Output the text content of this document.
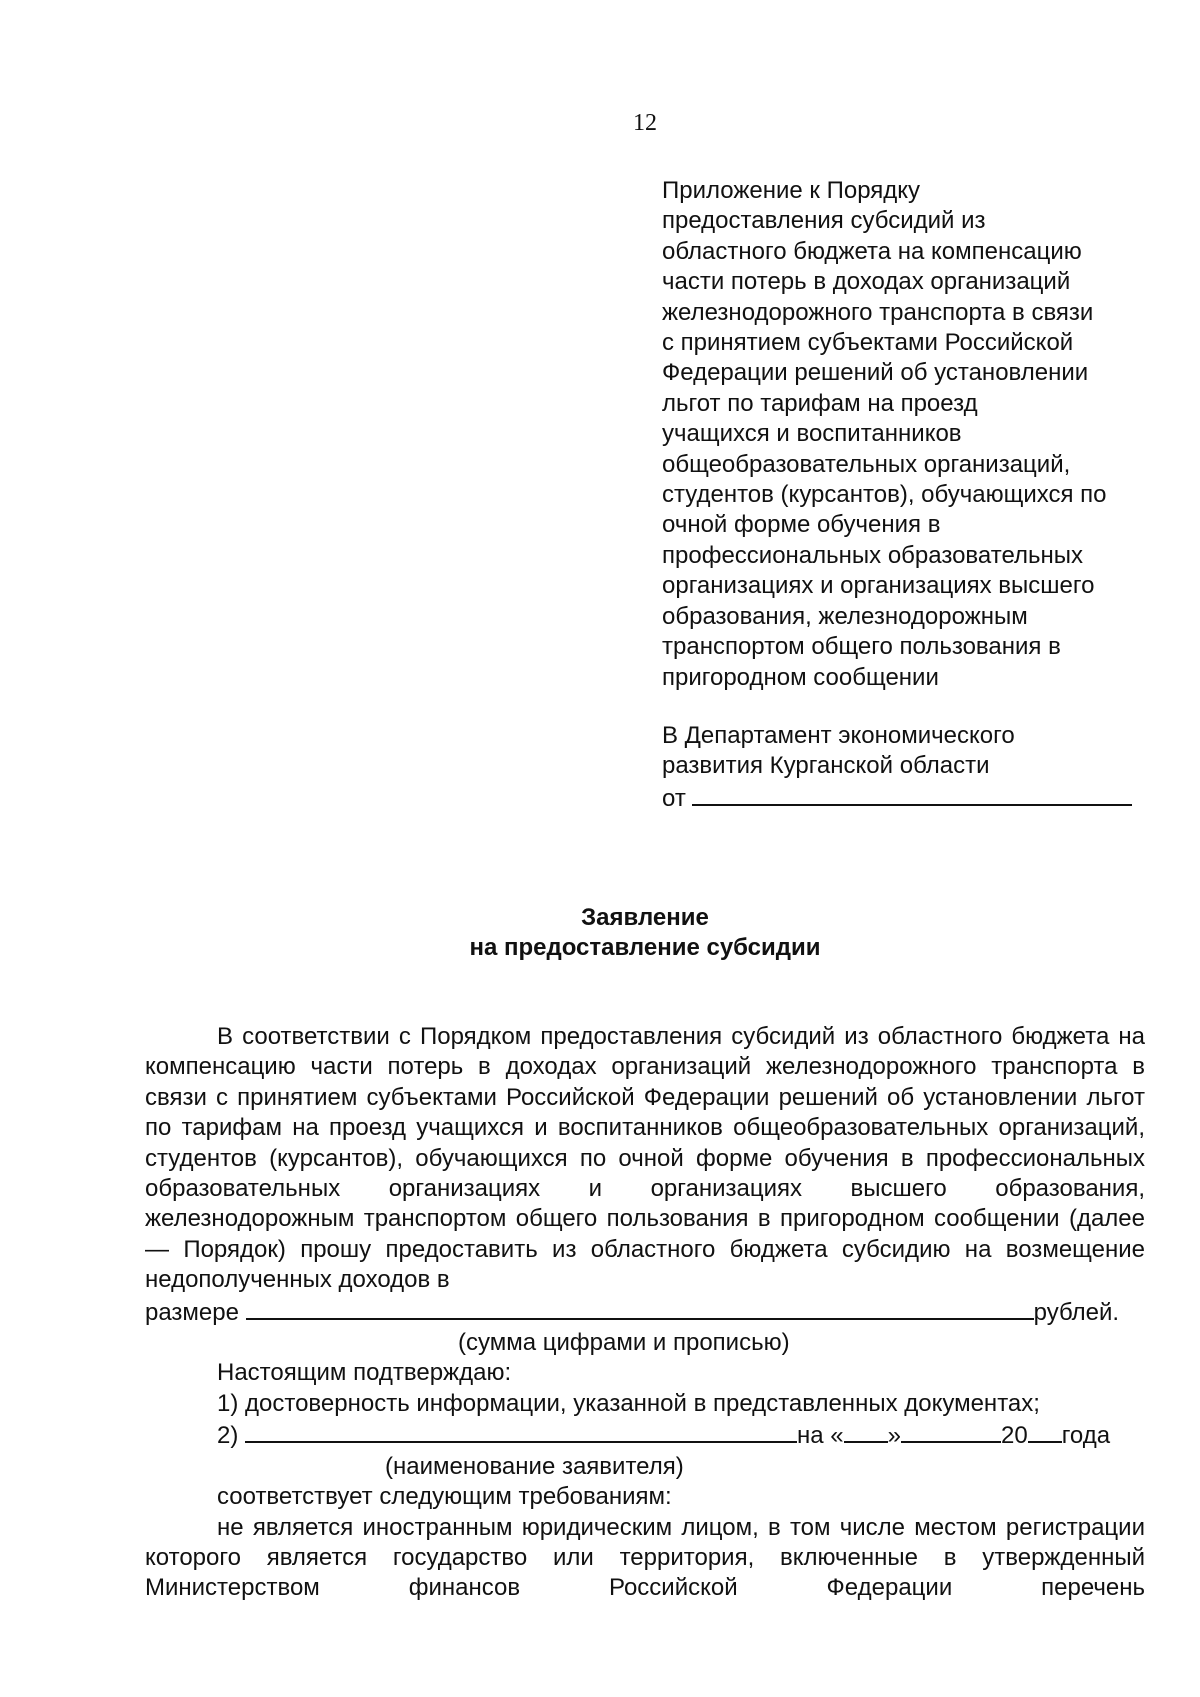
12
Приложение к Порядку
предоставления субсидий из
областного бюджета на компенсацию
части потерь в доходах организаций
железнодорожного транспорта в связи
с принятием субъектами Российской
Федерации решений об установлении
льгот по тарифам на проезд
учащихся и воспитанников
общеобразовательных организаций,
студентов (курсантов), обучающихся по
очной форме обучения в
профессиональных образовательных
организациях и организациях высшего
образования, железнодорожным
транспортом общего пользования в
пригородном сообщении
В Департамент экономического
развития Курганской области
от
Заявление
на предоставление субсидии

В соответствии с Порядком предоставления субсидий из областного бюджета на компенсацию части потерь в доходах организаций железнодорожного транспорта в связи с принятием субъектами Российской Федерации решений об установлении льгот по тарифам на проезд учащихся и воспитанников общеобразовательных организаций, студентов (курсантов), обучающихся по очной форме обучения в профессиональных образовательных организациях и организациях высшего образования, железнодорожным транспортом общего пользования в пригородном сообщении (далее — Порядок) прошу предоставить из областного бюджета субсидию на возмещение недополученных доходов в

размере	рублей.
(сумма цифрами и прописью)
Настоящим подтверждаю:
1) достоверность информации, указанной в представленных документах;
2)	на « »	20 года
(наименование заявителя)
соответствует следующим требованиям:

не является иностранным юридическим лицом, в том числе местом регистрации которого является государство или территория, включенные в утвержденный Министерством финансов Российской Федерации перечень
